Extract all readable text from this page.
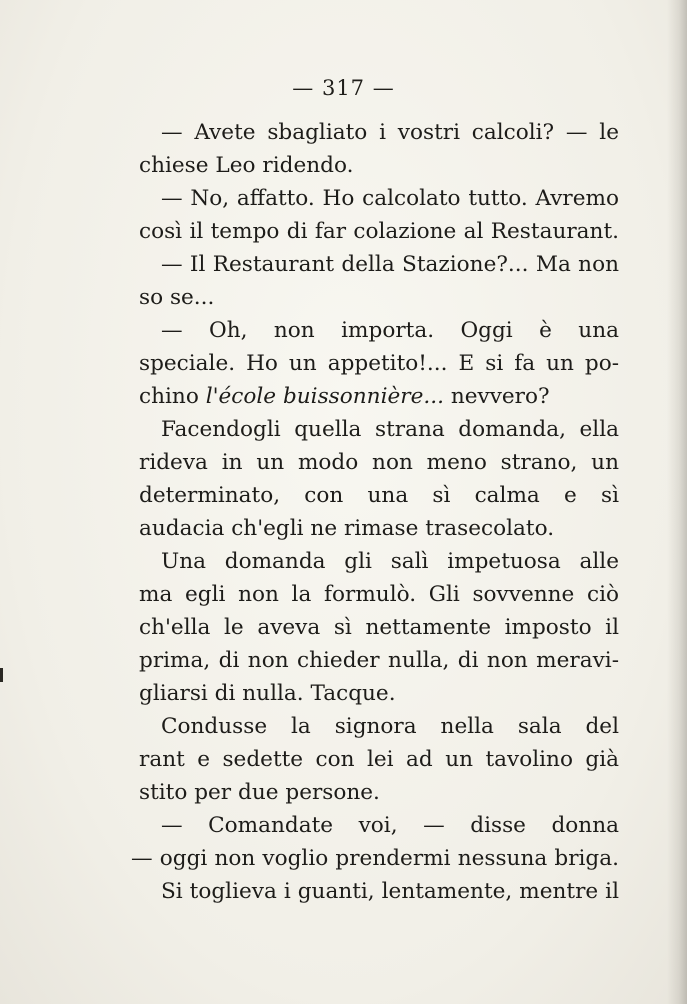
— 317 —
— Avete sbagliato i vostri calcoli? — le
chiese Leo ridendo.
— No, affatto. Ho calcolato tutto. Avremo
così il tempo di far colazione al Restaurant.
— Il Restaurant della Stazione?... Ma non
so se...
— Oh, non importa. Oggi è una
speciale. Ho un appetito!... E si fa un po-
chino l'école buissonnière... nevvero?
Facendogli quella strana domanda, ella
rideva in un modo non meno strano, un
determinato, con una sì calma e sì
audacia ch'egli ne rimase trasecolato.
Una domanda gli salì impetuosa alle
ma egli non la formulò. Gli sovvenne ciò
ch'ella le aveva sì nettamente imposto il
prima, di non chieder nulla, di non meravi-
gliarsi di nulla. Tacque.
Condusse la signora nella sala del
rant e sedette con lei ad un tavolino già
stito per due persone.
— Comandate voi, — disse donna
— oggi non voglio prendermi nessuna briga.
Si toglieva i guanti, lentamente, mentre il
